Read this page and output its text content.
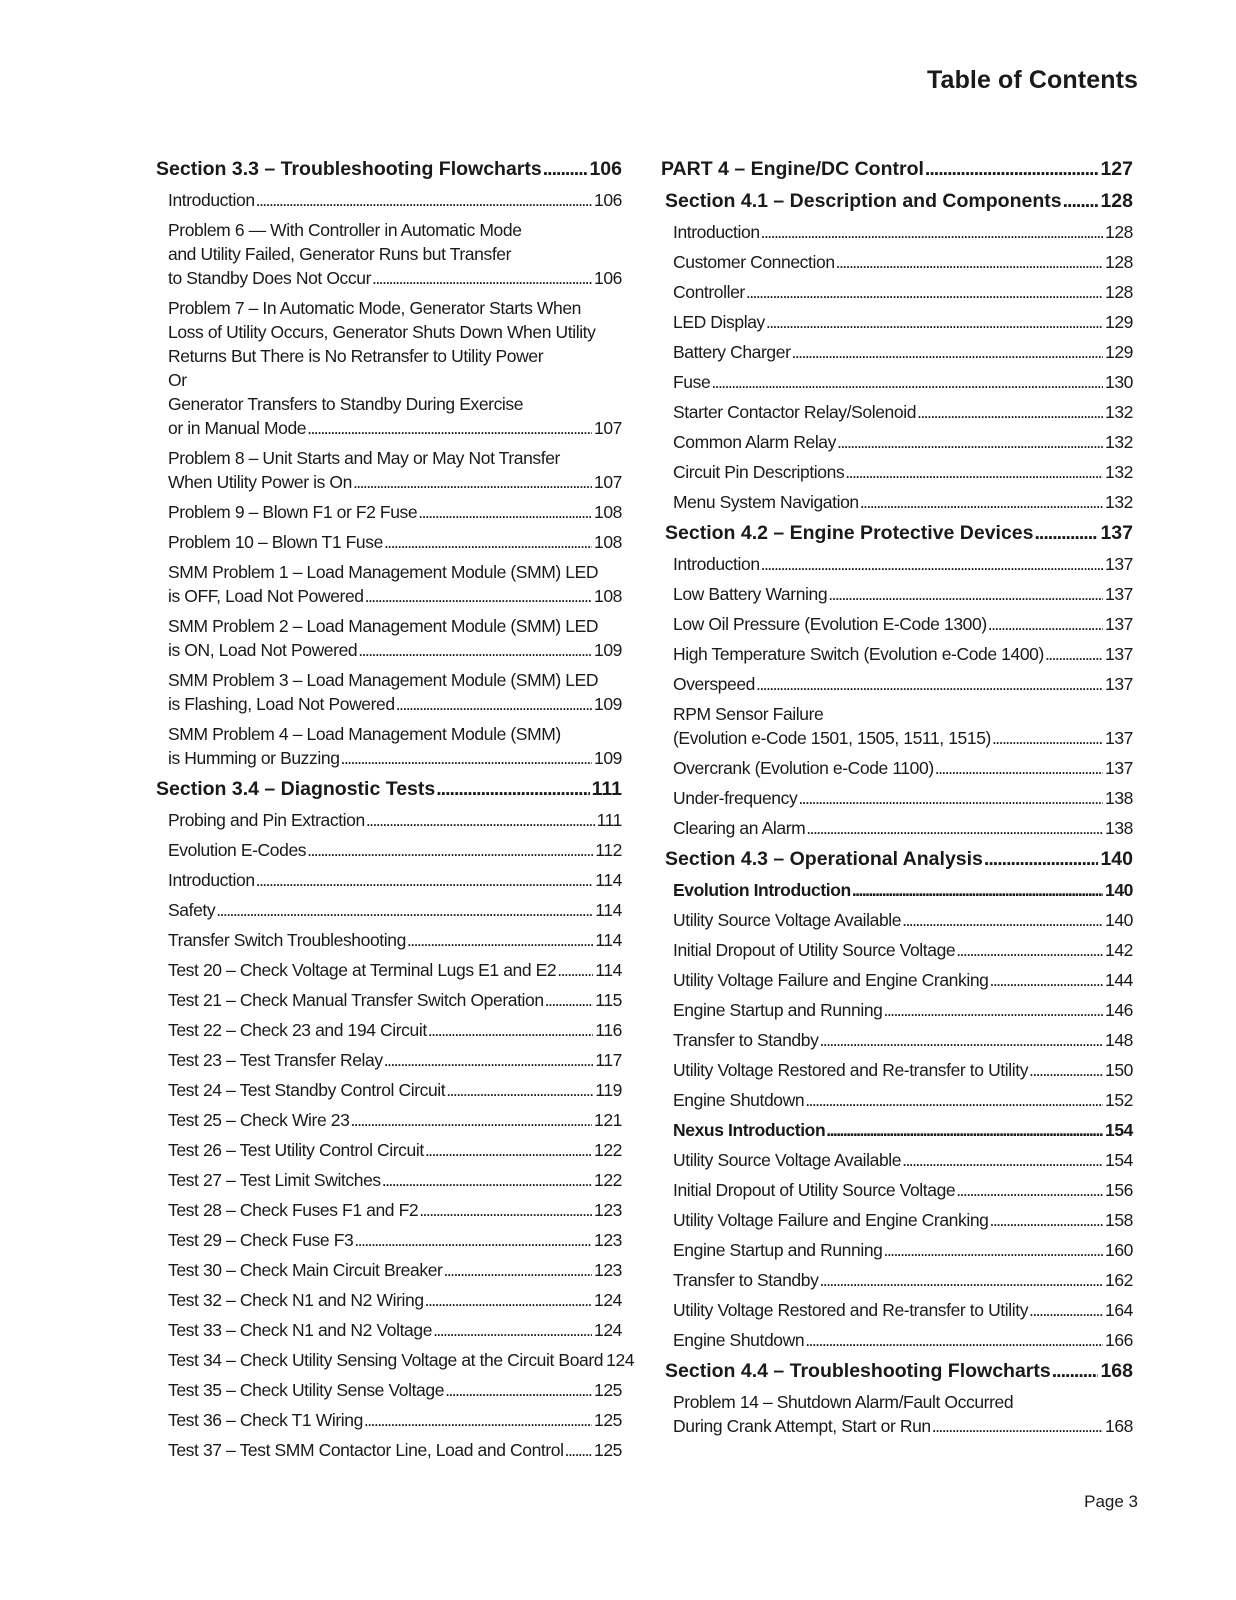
Table of Contents
Section 3.3 – Troubleshooting Flowcharts . . . 106
Introduction . . .	106
Problem 6 — With Controller in Automatic Mode
and Utility Failed, Generator Runs but Transfer
to Standby Does Not Occur . . .	106
Problem 7 – In Automatic Mode, Generator Starts When
Loss of Utility Occurs, Generator Shuts Down When Utility
Returns But There is No Retransfer to Utility Power
Or
Generator Transfers to Standby During Exercise
or in Manual Mode . . .	107
Problem 8 – Unit Starts and May or May Not Transfer
When Utility Power is On . . .	107
Problem 9 – Blown F1 or F2 Fuse . . .	108
Problem 10 – Blown T1 Fuse . . .	108
SMM Problem 1 – Load Management Module (SMM) LED
is OFF, Load Not Powered . . .	108
SMM Problem 2 – Load Management Module (SMM) LED
is ON, Load Not Powered . . .	109
SMM Problem 3 – Load Management Module (SMM) LED
is Flashing, Load Not Powered . . .	109
SMM Problem 4 – Load Management Module (SMM)
is Humming or Buzzing . . .	109
Section 3.4 – Diagnostic Tests . . .	111
Probing and Pin Extraction . . .	111
Evolution E-Codes . . .	112
Introduction . . .	114
Safety . . .	114
Transfer Switch Troubleshooting . . .	114
Test 20 – Check Voltage at Terminal Lugs E1 and E2 . . . 114
Test 21 – Check Manual Transfer Switch Operation . . .	115
Test 22 – Check 23 and 194 Circuit . . .	116
Test 23 – Test Transfer Relay . . .	117
Test 24 – Test Standby Control Circuit . . .	119
Test 25 – Check Wire 23 . . .	121
Test 26 – Test Utility Control Circuit . . .	122
Test 27 – Test Limit Switches . . .	122
Test 28 – Check Fuses F1 and F2 . . .	123
Test 29 – Check Fuse F3 . . .	123
Test 30 – Check Main Circuit Breaker . . .	123
Test 32 – Check N1 and N2 Wiring . . .	124
Test 33 – Check N1 and N2 Voltage . . .	124
Test 34 – Check Utility Sensing Voltage at the Circuit Board 124
Test 35 – Check Utility Sense Voltage . . .	125
Test 36 – Check T1 Wiring . . .	125
Test 37 – Test SMM Contactor Line, Load and Control . . . 125
PART 4 – Engine/DC Control . . .	127
Section 4.1 – Description and Components . . . 128
Introduction . . .	128
Customer Connection . . .	128
Controller . . .	128
LED Display . . .	129
Battery Charger . . .	129
Fuse . . .	130
Starter Contactor Relay/Solenoid . . .	132
Common Alarm Relay . . .	132
Circuit Pin Descriptions . . .	132
Menu System Navigation . . .	132
Section 4.2 – Engine Protective Devices . . .	137
Introduction . . .	137
Low Battery Warning . . .	137
Low Oil Pressure (Evolution E-Code 1300) . . .	137
High Temperature Switch (Evolution e-Code 1400) . . .	137
Overspeed . . .	137
RPM Sensor Failure
(Evolution e-Code 1501, 1505, 1511, 1515) . . .	137
Overcrank (Evolution e-Code 1100) . . .	137
Under-frequency . . .	138
Clearing an Alarm . . .	138
Section 4.3 – Operational Analysis . . .	140
Evolution Introduction . . .	140
Utility Source Voltage Available . . .	140
Initial Dropout of Utility Source Voltage . . .	142
Utility Voltage Failure and Engine Cranking . . .	144
Engine Startup and Running . . .	146
Transfer to Standby . . .	148
Utility Voltage Restored and Re-transfer to Utility . . .	150
Engine Shutdown . . .	152
Nexus Introduction . . .	154
Utility Source Voltage Available . . .	154
Initial Dropout of Utility Source Voltage . . .	156
Utility Voltage Failure and Engine Cranking . . .	158
Engine Startup and Running . . .	160
Transfer to Standby . . .	162
Utility Voltage Restored and Re-transfer to Utility . . .	164
Engine Shutdown . . .	166
Section 4.4 – Troubleshooting Flowcharts . . .	168
Problem 14 – Shutdown Alarm/Fault Occurred
During Crank Attempt, Start or Run . . .	168
Page 3
